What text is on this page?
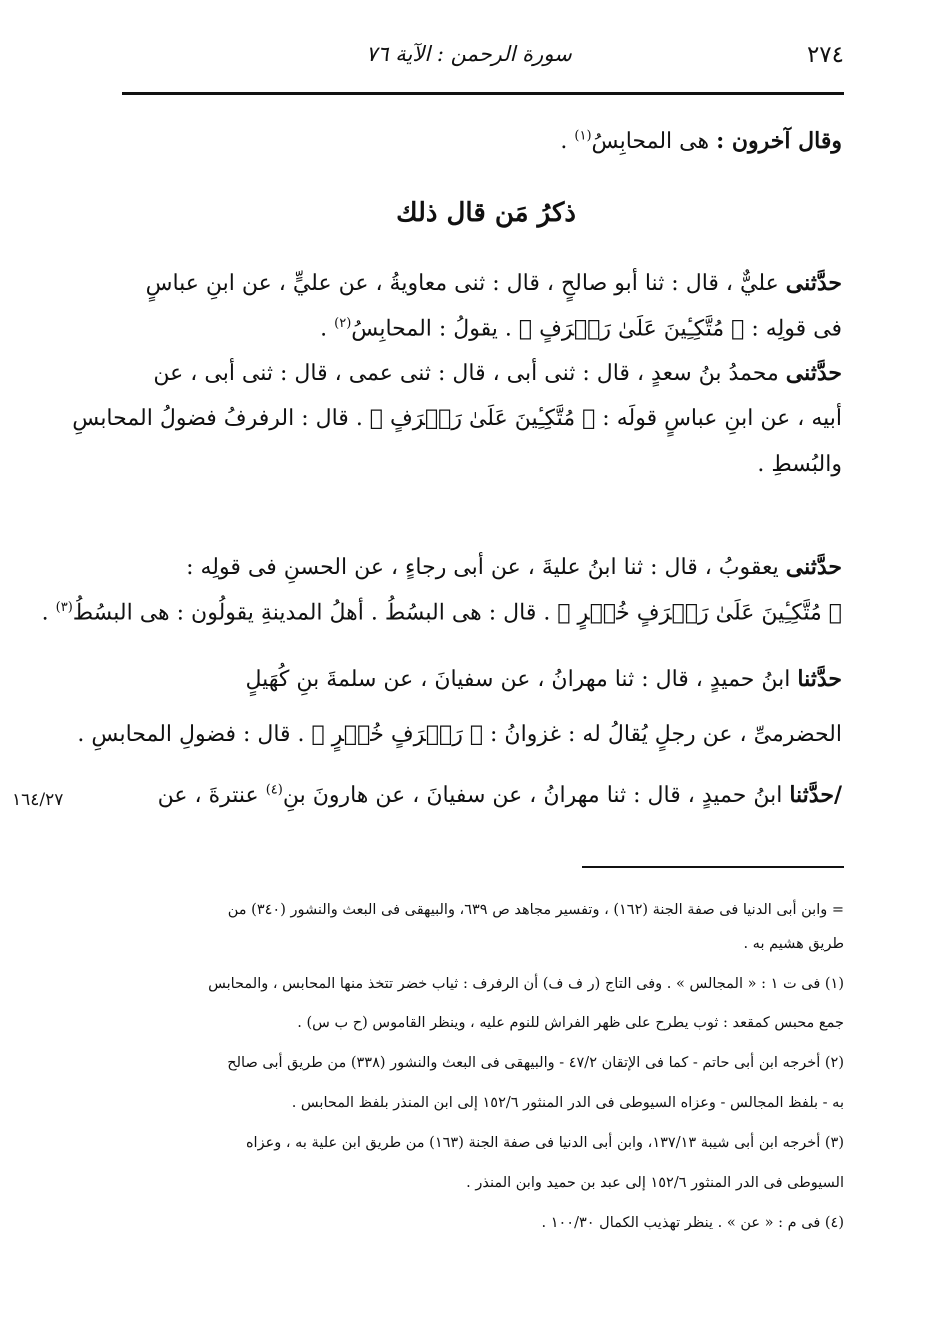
٢٧٤
سورة الرحمن : الآية ٧٦
وقال آخرون : هى المحابِسُ$^{(١)}$ .
ذكرُ مَن قال ذلك
حدَّثنى عليٌّ ، قال : ثنا أبو صالحٍ ، قال : ثنى معاويةُ ، عن عليٍّ ، عن ابنِ عباسٍ
فى قولِه : ﴿ مُتَّكِـِٔينَ عَلَىٰ رَفۡرَفٍ ﴾ . يقولُ : المحابِسُ$^{(٢)}$ .
حدَّثنى محمدُ بنُ سعدٍ ، قال : ثنى أبى ، قال : ثنى عمى ، قال : ثنى أبى ، عن
أبيه ، عن ابنِ عباسٍ قولَه : ﴿ مُتَّكِـِٔينَ عَلَىٰ رَفۡرَفٍ ﴾ . قال : الرفرفُ فضولُ المحابسِ
والبُسطِ .
حدَّثنى يعقوبُ ، قال : ثنا ابنُ عليةَ ، عن أبى رجاءٍ ، عن الحسنِ فى قولِه :
﴿ مُتَّكِـِٔينَ عَلَىٰ رَفۡرَفٍ خُضۡرٍ ﴾ . قال : هى البسُطُ . أهلُ المدينةِ يقولُون : هى البسُطُ$^{(٣)}$ .
حدَّثنا ابنُ حميدٍ ، قال : ثنا مهرانُ ، عن سفيانَ ، عن سلمةَ بنِ كُهَيلٍ
الحضرمىِّ ، عن رجلٍ يُقالُ له : غزوانُ : ﴿ رَفۡرَفٍ خُضۡرٍ ﴾ . قال : فضولِ المحابسِ .
/حدَّثنا ابنُ حميدٍ ، قال : ثنا مهرانُ ، عن سفيانَ ، عن هارونَ بنِ$^{(٤)}$ عنترةَ ، عن
١٦٤/٢٧
= وابن أبى الدنيا فى صفة الجنة (١٦٢) ، وتفسير مجاهد ص ٦٣٩، والبيهقى فى البعث والنشور (٣٤٠) من
طريق هشيم به .
(١) فى ت ١ : « المجالس » . وفى التاج (ر ف ف) أن الرفرف : ثياب خضر تتخذ منها المحابس ، والمحابس
جمع محبس كمقعد : ثوب يطرح على ظهر الفراش للنوم عليه ، وينظر القاموس (ح ب س) .
(٢) أخرجه ابن أبى حاتم - كما فى الإتقان ٤٧/٢ - والبيهقى فى البعث والنشور (٣٣٨) من طريق أبى صالح
به - بلفظ المجالس - وعزاه السيوطى فى الدر المنثور ١٥٢/٦ إلى ابن المنذر بلفظ المحابس .
(٣) أخرجه ابن أبى شيبة ١٣٧/١٣، وابن أبى الدنيا فى صفة الجنة (١٦٣) من طريق ابن علية به ، وعزاه
السيوطى فى الدر المنثور ١٥٢/٦ إلى عبد بن حميد وابن المنذر .
(٤) فى م : « عن » . ينظر تهذيب الكمال ١٠٠/٣٠ .
